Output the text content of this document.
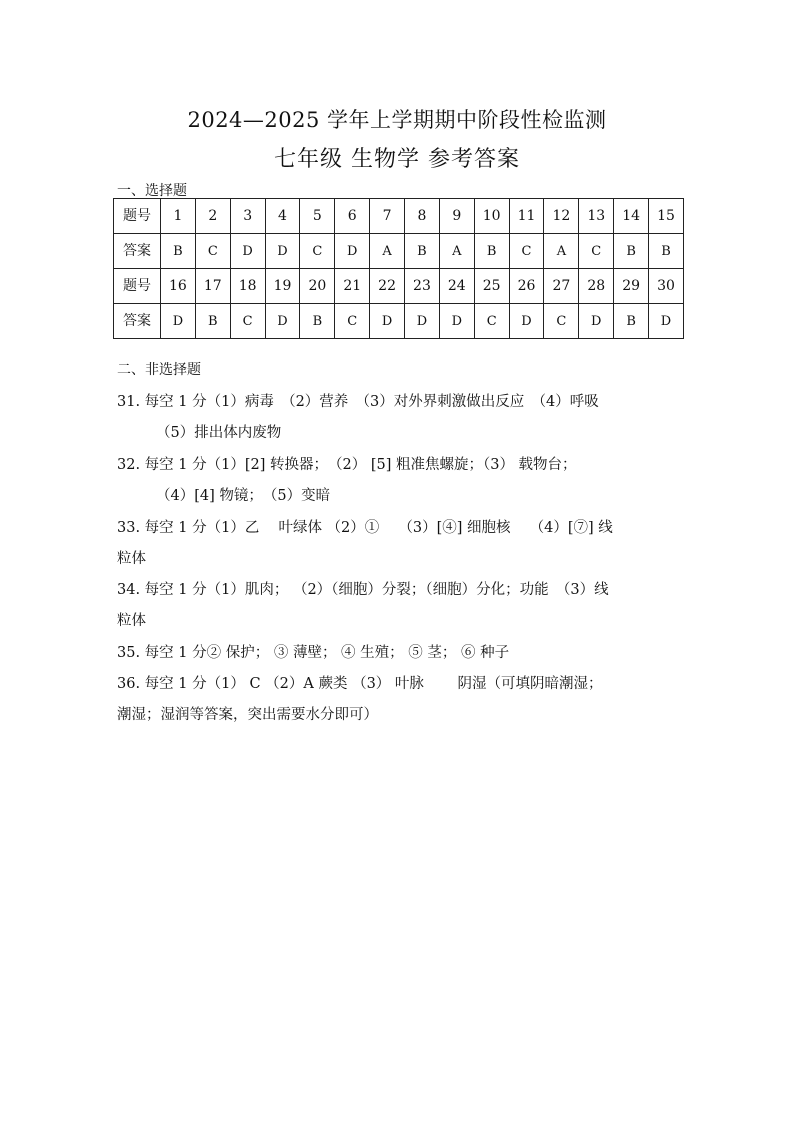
2024—2025 学年上学期期中阶段性检监测
七年级 生物学 参考答案
一、选择题
题号	1	2	3	4	5	6	7	8	9	10	11	12	13	14	15
答案	B	C	D	D	C	D	A	B	A	B	C	A	C	B	B
题号	16	17	18	19	20	21	22	23	24	25	26	27	28	29	30
答案	D	B	C	D	B	C	D	D	D	C	D	C	D	B	D
二、非选择题
31. 每空 1 分（1）病毒　（2）营养　（3）对外界刺激做出反应　（4）呼吸
（5）排出体内废物
32. 每空 1 分（1）[2] 转换器；　（2） [5] 粗准焦螺旋；（3） 载物台；
（4）[4] 物镜；　（5）变暗
33. 每空 1 分（1）乙　 叶绿体 （2）①　 （3）[④] 细胞核　 （4）[⑦] 线
粒体
34. 每空 1 分（1）肌肉； （2）（细胞）分裂；（细胞）分化；功能　（3）线
粒体
35. 每空 1 分② 保护； ③ 薄壁； ④ 生殖； ⑤ 茎； ⑥ 种子
36. 每空 1 分（1） C （2）A 蕨类 （3） 叶脉　　 阴湿（可填阴暗潮湿；
潮湿；湿润等答案，突出需要水分即可）
